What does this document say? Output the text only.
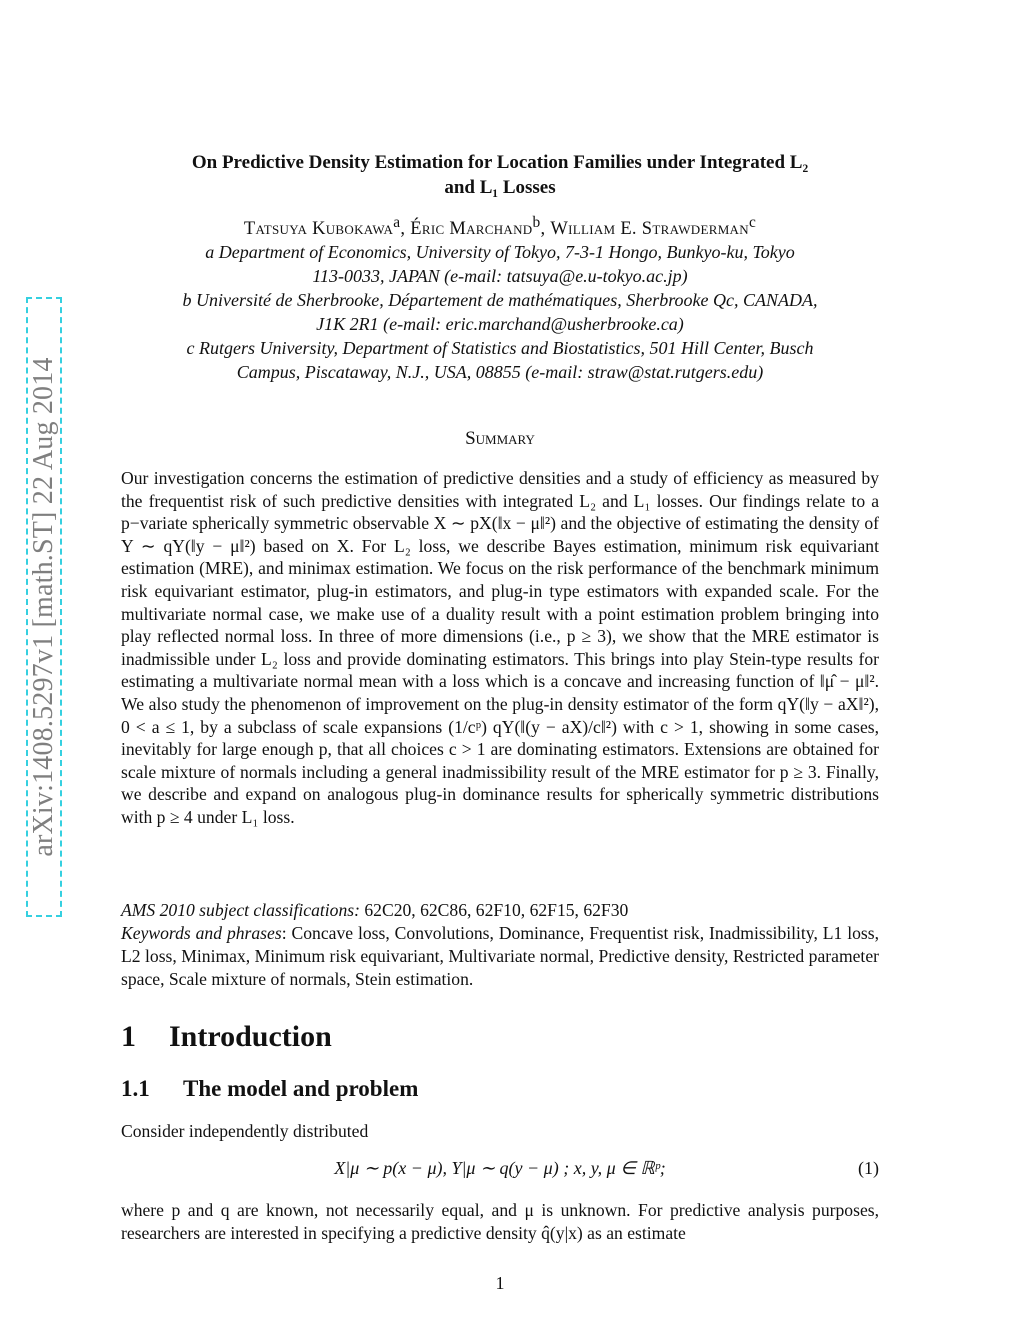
arXiv:1408.5297v1 [math.ST] 22 Aug 2014
On Predictive Density Estimation for Location Families under Integrated L₂
and L₁ Losses
Tatsuya Kubokawa$^a$, Éric Marchand$^b$, William E. Strawderman$^c$
a Department of Economics, University of Tokyo, 7-3-1 Hongo, Bunkyo-ku, Tokyo
113-0033, JAPAN (e-mail: tatsuya@e.u-tokyo.ac.jp)
b Université de Sherbrooke, Département de mathématiques, Sherbrooke Qc, CANADA,
J1K 2R1 (e-mail: eric.marchand@usherbrooke.ca)
c Rutgers University, Department of Statistics and Biostatistics, 501 Hill Center, Busch
Campus, Piscataway, N.J., USA, 08855 (e-mail: straw@stat.rutgers.edu)
Summary
Our investigation concerns the estimation of predictive densities and a study of efficiency as measured by the frequentist risk of such predictive densities with integrated L₂ and L₁ losses. Our findings relate to a p−variate spherically symmetric observable X ∼ pX(‖x − μ‖²) and the objective of estimating the density of Y ∼ qY(‖y − μ‖²) based on X. For L₂ loss, we describe Bayes estimation, minimum risk equivariant estimation (MRE), and minimax estimation. We focus on the risk performance of the benchmark minimum risk equivariant estimator, plug-in estimators, and plug-in type estimators with expanded scale. For the multivariate normal case, we make use of a duality result with a point estimation problem bringing into play reflected normal loss. In three of more dimensions (i.e., p ≥ 3), we show that the MRE estimator is inadmissible under L₂ loss and provide dominating estimators. This brings into play Stein-type results for estimating a multivariate normal mean with a loss which is a concave and increasing function of ‖μ̂ − μ‖². We also study the phenomenon of improvement on the plug-in density estimator of the form qY(‖y − aX‖²), 0 < a ≤ 1, by a subclass of scale expansions (1/cᵖ) qY(‖(y − aX)/c‖²) with c > 1, showing in some cases, inevitably for large enough p, that all choices c > 1 are dominating estimators. Extensions are obtained for scale mixture of normals including a general inadmissibility result of the MRE estimator for p ≥ 3. Finally, we describe and expand on analogous plug-in dominance results for spherically symmetric distributions with p ≥ 4 under L₁ loss.
AMS 2010 subject classifications: 62C20, 62C86, 62F10, 62F15, 62F30
Keywords and phrases: Concave loss, Convolutions, Dominance, Frequentist risk, Inadmissibility, L1 loss, L2 loss, Minimax, Minimum risk equivariant, Multivariate normal, Predictive density, Restricted parameter space, Scale mixture of normals, Stein estimation.
1 Introduction
1.1 The model and problem
Consider independently distributed
X|μ ∼ p(x − μ), Y|μ ∼ q(y − μ) ; x, y, μ ∈ ℝᵖ;	(1)
where p and q are known, not necessarily equal, and μ is unknown. For predictive analysis purposes, researchers are interested in specifying a predictive density q̂(y|x) as an estimate
1
